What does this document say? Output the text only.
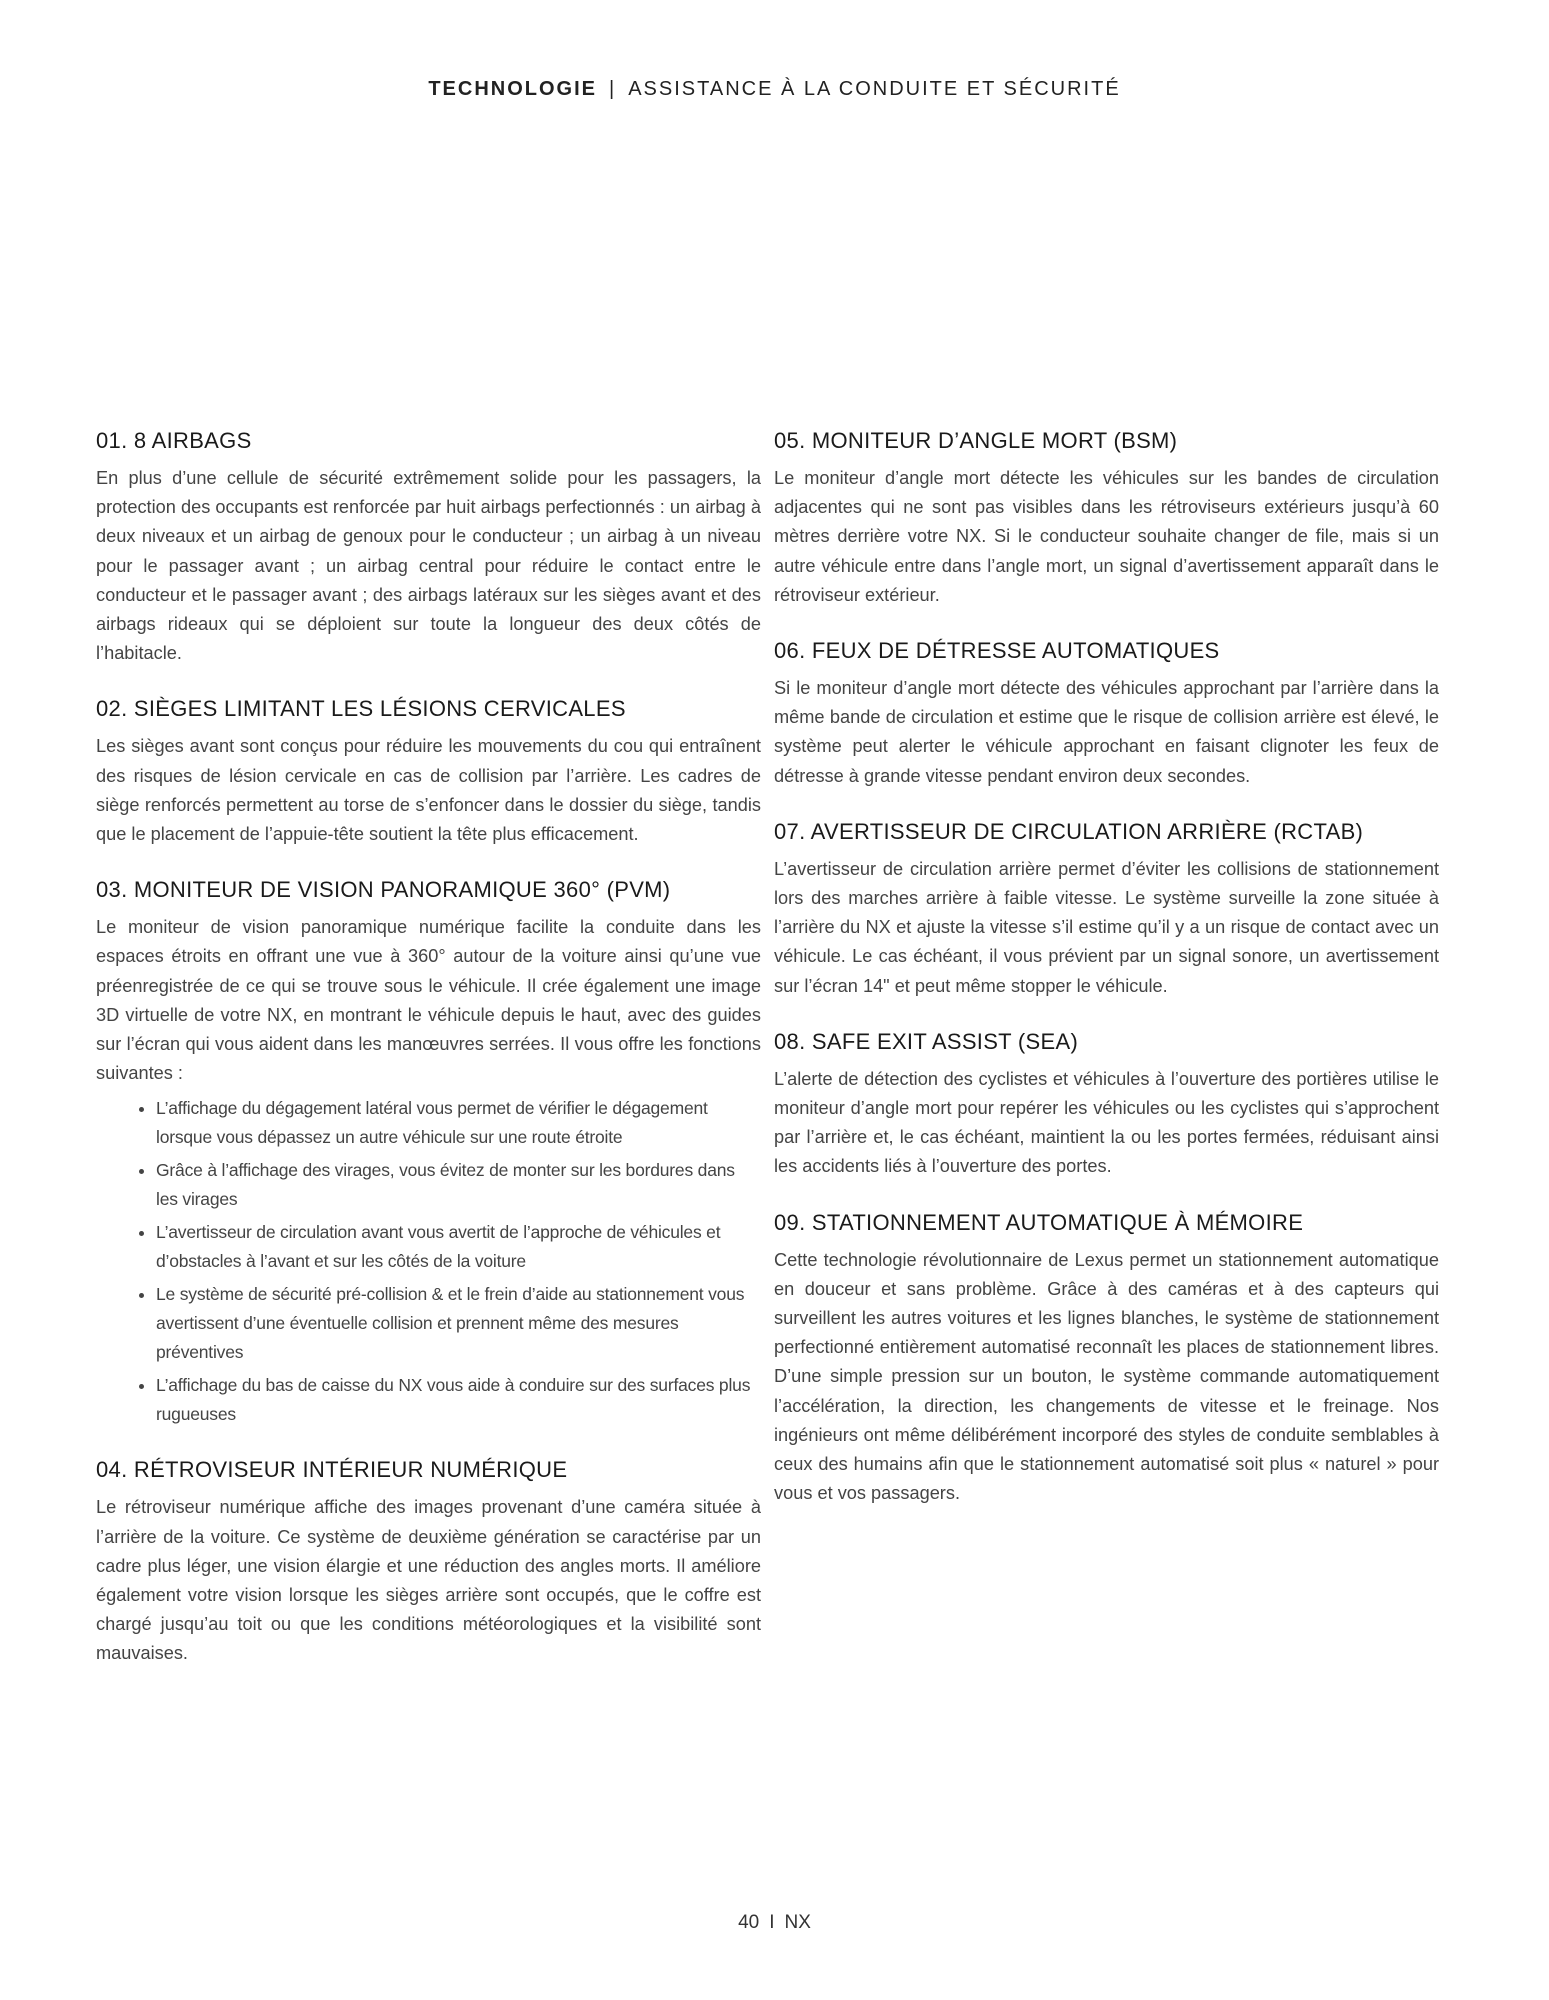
TECHNOLOGIE | ASSISTANCE À LA CONDUITE ET SÉCURITÉ
01. 8 AIRBAGS

En plus d’une cellule de sécurité extrêmement solide pour les passagers, la protection des occupants est renforcée par huit airbags perfectionnés : un airbag à deux niveaux et un airbag de genoux pour le conducteur ; un airbag à un niveau pour le passager avant ; un airbag central pour réduire le contact entre le conducteur et le passager avant ; des airbags latéraux sur les sièges avant et des airbags rideaux qui se déploient sur toute la longueur des deux côtés de l’habitacle.

02. SIÈGES LIMITANT LES LÉSIONS CERVICALES

Les sièges avant sont conçus pour réduire les mouvements du cou qui entraînent des risques de lésion cervicale en cas de collision par l’arrière. Les cadres de siège renforcés permettent au torse de s’enfoncer dans le dossier du siège, tandis que le placement de l’appuie-tête soutient la tête plus efficacement.

03. MONITEUR DE VISION PANORAMIQUE 360° (PVM)

Le moniteur de vision panoramique numérique facilite la conduite dans les espaces étroits en offrant une vue à 360° autour de la voiture ainsi qu’une vue préenregistrée de ce qui se trouve sous le véhicule. Il crée également une image 3D virtuelle de votre NX, en montrant le véhicule depuis le haut, avec des guides sur l’écran qui vous aident dans les manœuvres serrées. Il vous offre les fonctions suivantes :

• L’affichage du dégagement latéral vous permet de vérifier le dégagement lorsque vous dépassez un autre véhicule sur une route étroite
• Grâce à l’affichage des virages, vous évitez de monter sur les bordures dans les virages
• L’avertisseur de circulation avant vous avertit de l’approche de véhicules et d’obstacles à l’avant et sur les côtés de la voiture
• Le système de sécurité pré-collision & et le frein d’aide au stationnement vous avertissent d’une éventuelle collision et prennent même des mesures préventives
• L’affichage du bas de caisse du NX vous aide à conduire sur des surfaces plus rugueuses
04. RÉTROVISEUR INTÉRIEUR NUMÉRIQUE

Le rétroviseur numérique affiche des images provenant d’une caméra située à l’arrière de la voiture. Ce système de deuxième génération se caractérise par un cadre plus léger, une vision élargie et une réduction des angles morts. Il améliore également votre vision lorsque les sièges arrière sont occupés, que le coffre est chargé jusqu’au toit ou que les conditions météorologiques et la visibilité sont mauvaises.

05. MONITEUR D’ANGLE MORT (BSM)

Le moniteur d’angle mort détecte les véhicules sur les bandes de circulation adjacentes qui ne sont pas visibles dans les rétroviseurs extérieurs jusqu’à 60 mètres derrière votre NX. Si le conducteur souhaite changer de file, mais si un autre véhicule entre dans l’angle mort, un signal d’avertissement apparaît dans le rétroviseur extérieur.

06. FEUX DE DÉTRESSE AUTOMATIQUES

Si le moniteur d’angle mort détecte des véhicules approchant par l’arrière dans la même bande de circulation et estime que le risque de collision arrière est élevé, le système peut alerter le véhicule approchant en faisant clignoter les feux de détresse à grande vitesse pendant environ deux secondes.

07. AVERTISSEUR DE CIRCULATION ARRIÈRE (RCTAB)

L’avertisseur de circulation arrière permet d’éviter les collisions de stationnement lors des marches arrière à faible vitesse. Le système surveille la zone située à l’arrière du NX et ajuste la vitesse s’il estime qu’il y a un risque de contact avec un véhicule. Le cas échéant, il vous prévient par un signal sonore, un avertissement sur l’écran 14" et peut même stopper le véhicule.

08. SAFE EXIT ASSIST (SEA)

L’alerte de détection des cyclistes et véhicules à l’ouverture des portières utilise le moniteur d’angle mort pour repérer les véhicules ou les cyclistes qui s’approchent par l’arrière et, le cas échéant, maintient la ou les portes fermées, réduisant ainsi les accidents liés à l’ouverture des portes.

09. STATIONNEMENT AUTOMATIQUE À MÉMOIRE

Cette technologie révolutionnaire de Lexus permet un stationnement automatique en douceur et sans problème. Grâce à des caméras et à des capteurs qui surveillent les autres voitures et les lignes blanches, le système de stationnement perfectionné entièrement automatisé reconnaît les places de stationnement libres. D’une simple pression sur un bouton, le système commande automatiquement l’accélération, la direction, les changements de vitesse et le freinage. Nos ingénieurs ont même délibérément incorporé des styles de conduite semblables à ceux des humains afin que le stationnement automatisé soit plus « naturel » pour vous et vos passagers.

40 I NX
